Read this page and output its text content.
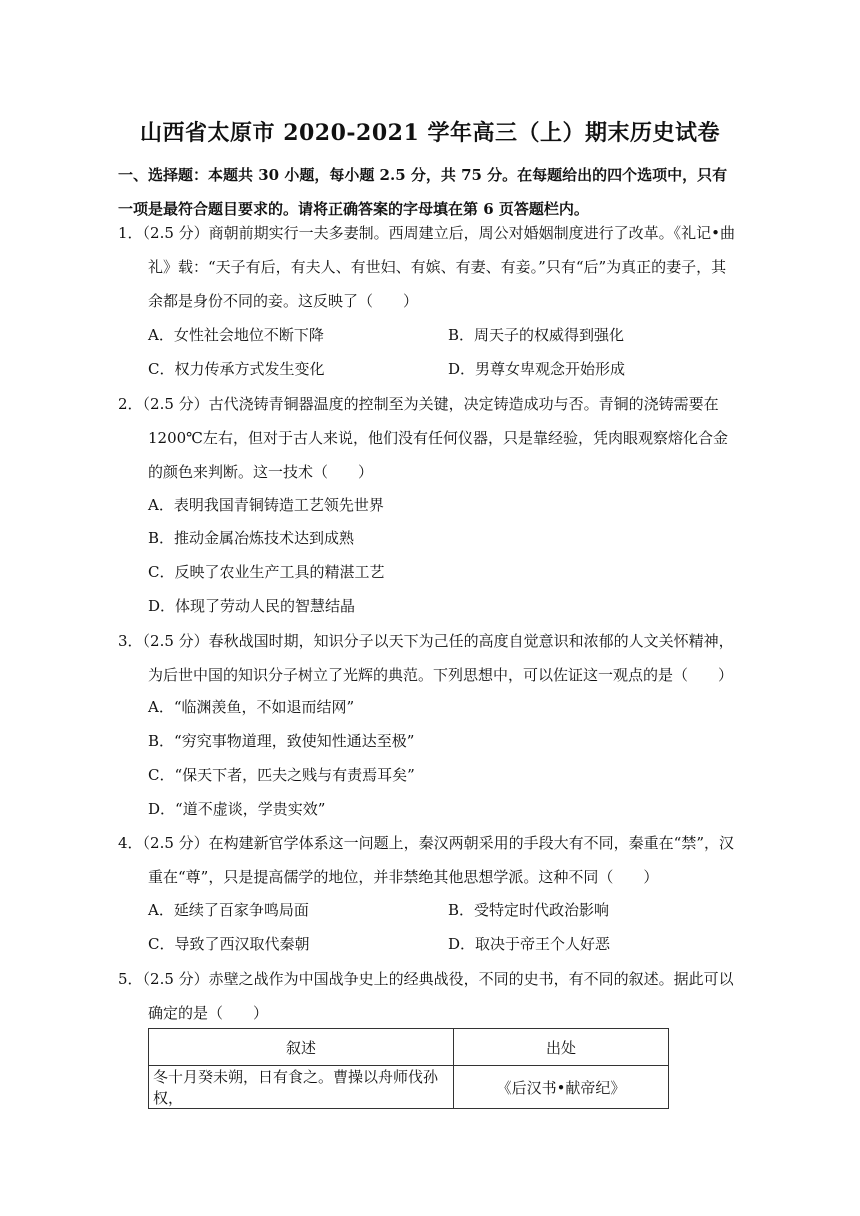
山西省太原市 2020-2021 学年高三（上）期末历史试卷
一、选择题：本题共 30 小题，每小题 2.5 分，共 75 分。在每题给出的四个选项中，只有一项是最符合题目要求的。请将正确答案的字母填在第 6 页答题栏内。
1．（2.5 分）商朝前期实行一夫多妻制。西周建立后，周公对婚姻制度进行了改革。《礼记•曲礼》载：“天子有后，有夫人、有世妇、有嫔、有妻、有妾。”只有“后”为真正的妻子，其余都是身份不同的妾。这反映了（　　）
A．女性社会地位不断下降	B．周天子的权威得到强化
C．权力传承方式发生变化	D．男尊女卑观念开始形成
2．（2.5 分）古代浇铸青铜器温度的控制至为关键，决定铸造成功与否。青铜的浇铸需要在 1200℃左右，但对于古人来说，他们没有任何仪器，只是靠经验，凭肉眼观察熔化合金的颜色来判断。这一技术（　　）
A．表明我国青铜铸造工艺领先世界
B．推动金属冶炼技术达到成熟
C．反映了农业生产工具的精湛工艺
D．体现了劳动人民的智慧结晶
3．（2.5 分）春秋战国时期，知识分子以天下为己任的高度自觉意识和浓郁的人文关怀精神，为后世中国的知识分子树立了光辉的典范。下列思想中，可以佐证这一观点的是（　　）
A．“临渊羡鱼，不如退而结网”
B．“穷究事物道理，致使知性通达至极”
C．“保天下者，匹夫之贱与有责焉耳矣”
D．“道不虚谈，学贵实效”
4．（2.5 分）在构建新官学体系这一问题上，秦汉两朝采用的手段大有不同，秦重在“禁”，汉重在“尊”，只是提高儒学的地位，并非禁绝其他思想学派。这种不同（　　）
A．延续了百家争鸣局面	B．受特定时代政治影响
C．导致了西汉取代秦朝	D．取决于帝王个人好恶
5．（2.5 分）赤壁之战作为中国战争史上的经典战役，不同的史书，有不同的叙述。据此可以确定的是（　　）
叙述	出处
冬十月癸未朔，日有食之。曹操以舟师伐孙权，	《后汉书•献帝纪》
